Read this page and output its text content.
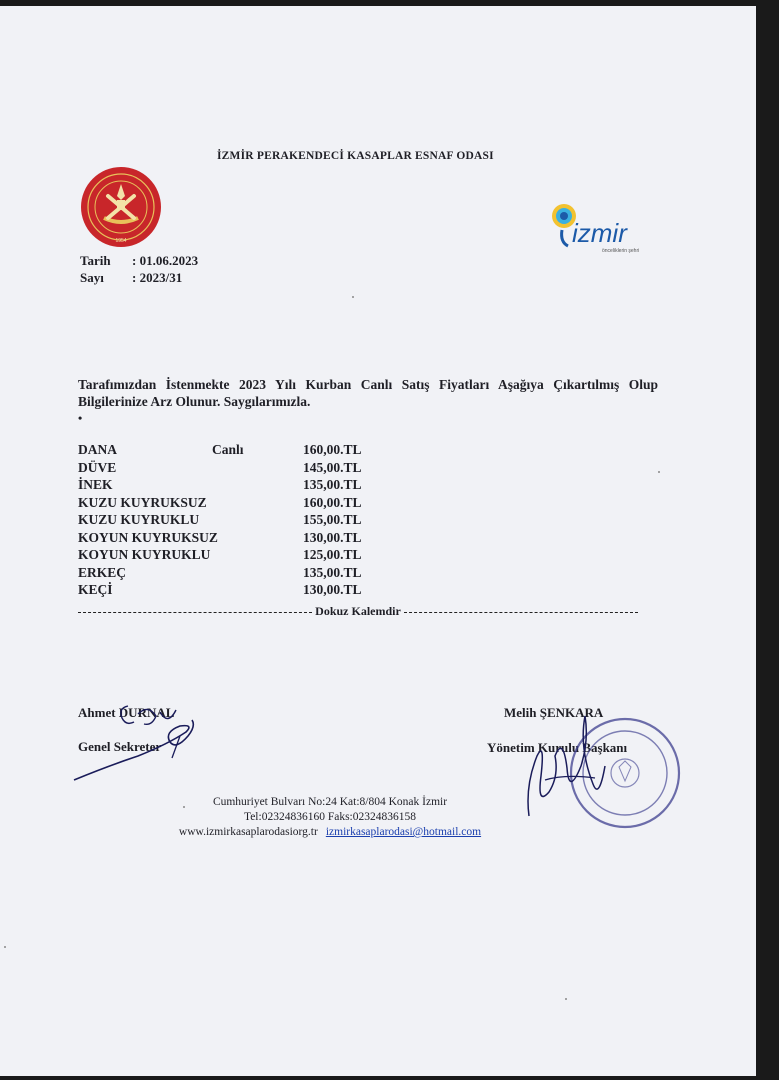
İZMİR PERAKENDECİ KASAPLAR ESNAF ODASI
1954	izmir
önceliklerin şehri
Tarih : 01.06.2023
Sayı : 2023/31
Tarafımızdan İstenmekte 2023 Yılı Kurban Canlı Satış Fiyatları Aşağıya Çıkartılmış Olup Bilgilerinize Arz Olunur. Saygılarımızla.
•
DANA	Canlı	160,00.TL
DÜVE	145,00.TL
İNEK	135,00.TL
KUZU KUYRUKSUZ	160,00.TL
KUZU KUYRUKLU	155,00.TL
KOYUN KUYRUKSUZ	130,00.TL
KOYUN KUYRUKLU	125,00.TL
ERKEÇ	135,00.TL
KEÇİ	130,00.TL
Dokuz Kalemdir
Ahmet DURNAL
Genel Sekreter
Melih ŞENKARA
Yönetim Kurulu Başkanı
Cumhuriyet Bulvarı No:24 Kat:8/804 Konak İzmir
Tel:02324836160 Faks:02324836158
www.izmirkasaplarodasiorg.tr izmirkasaplarodasi@hotmail.com
